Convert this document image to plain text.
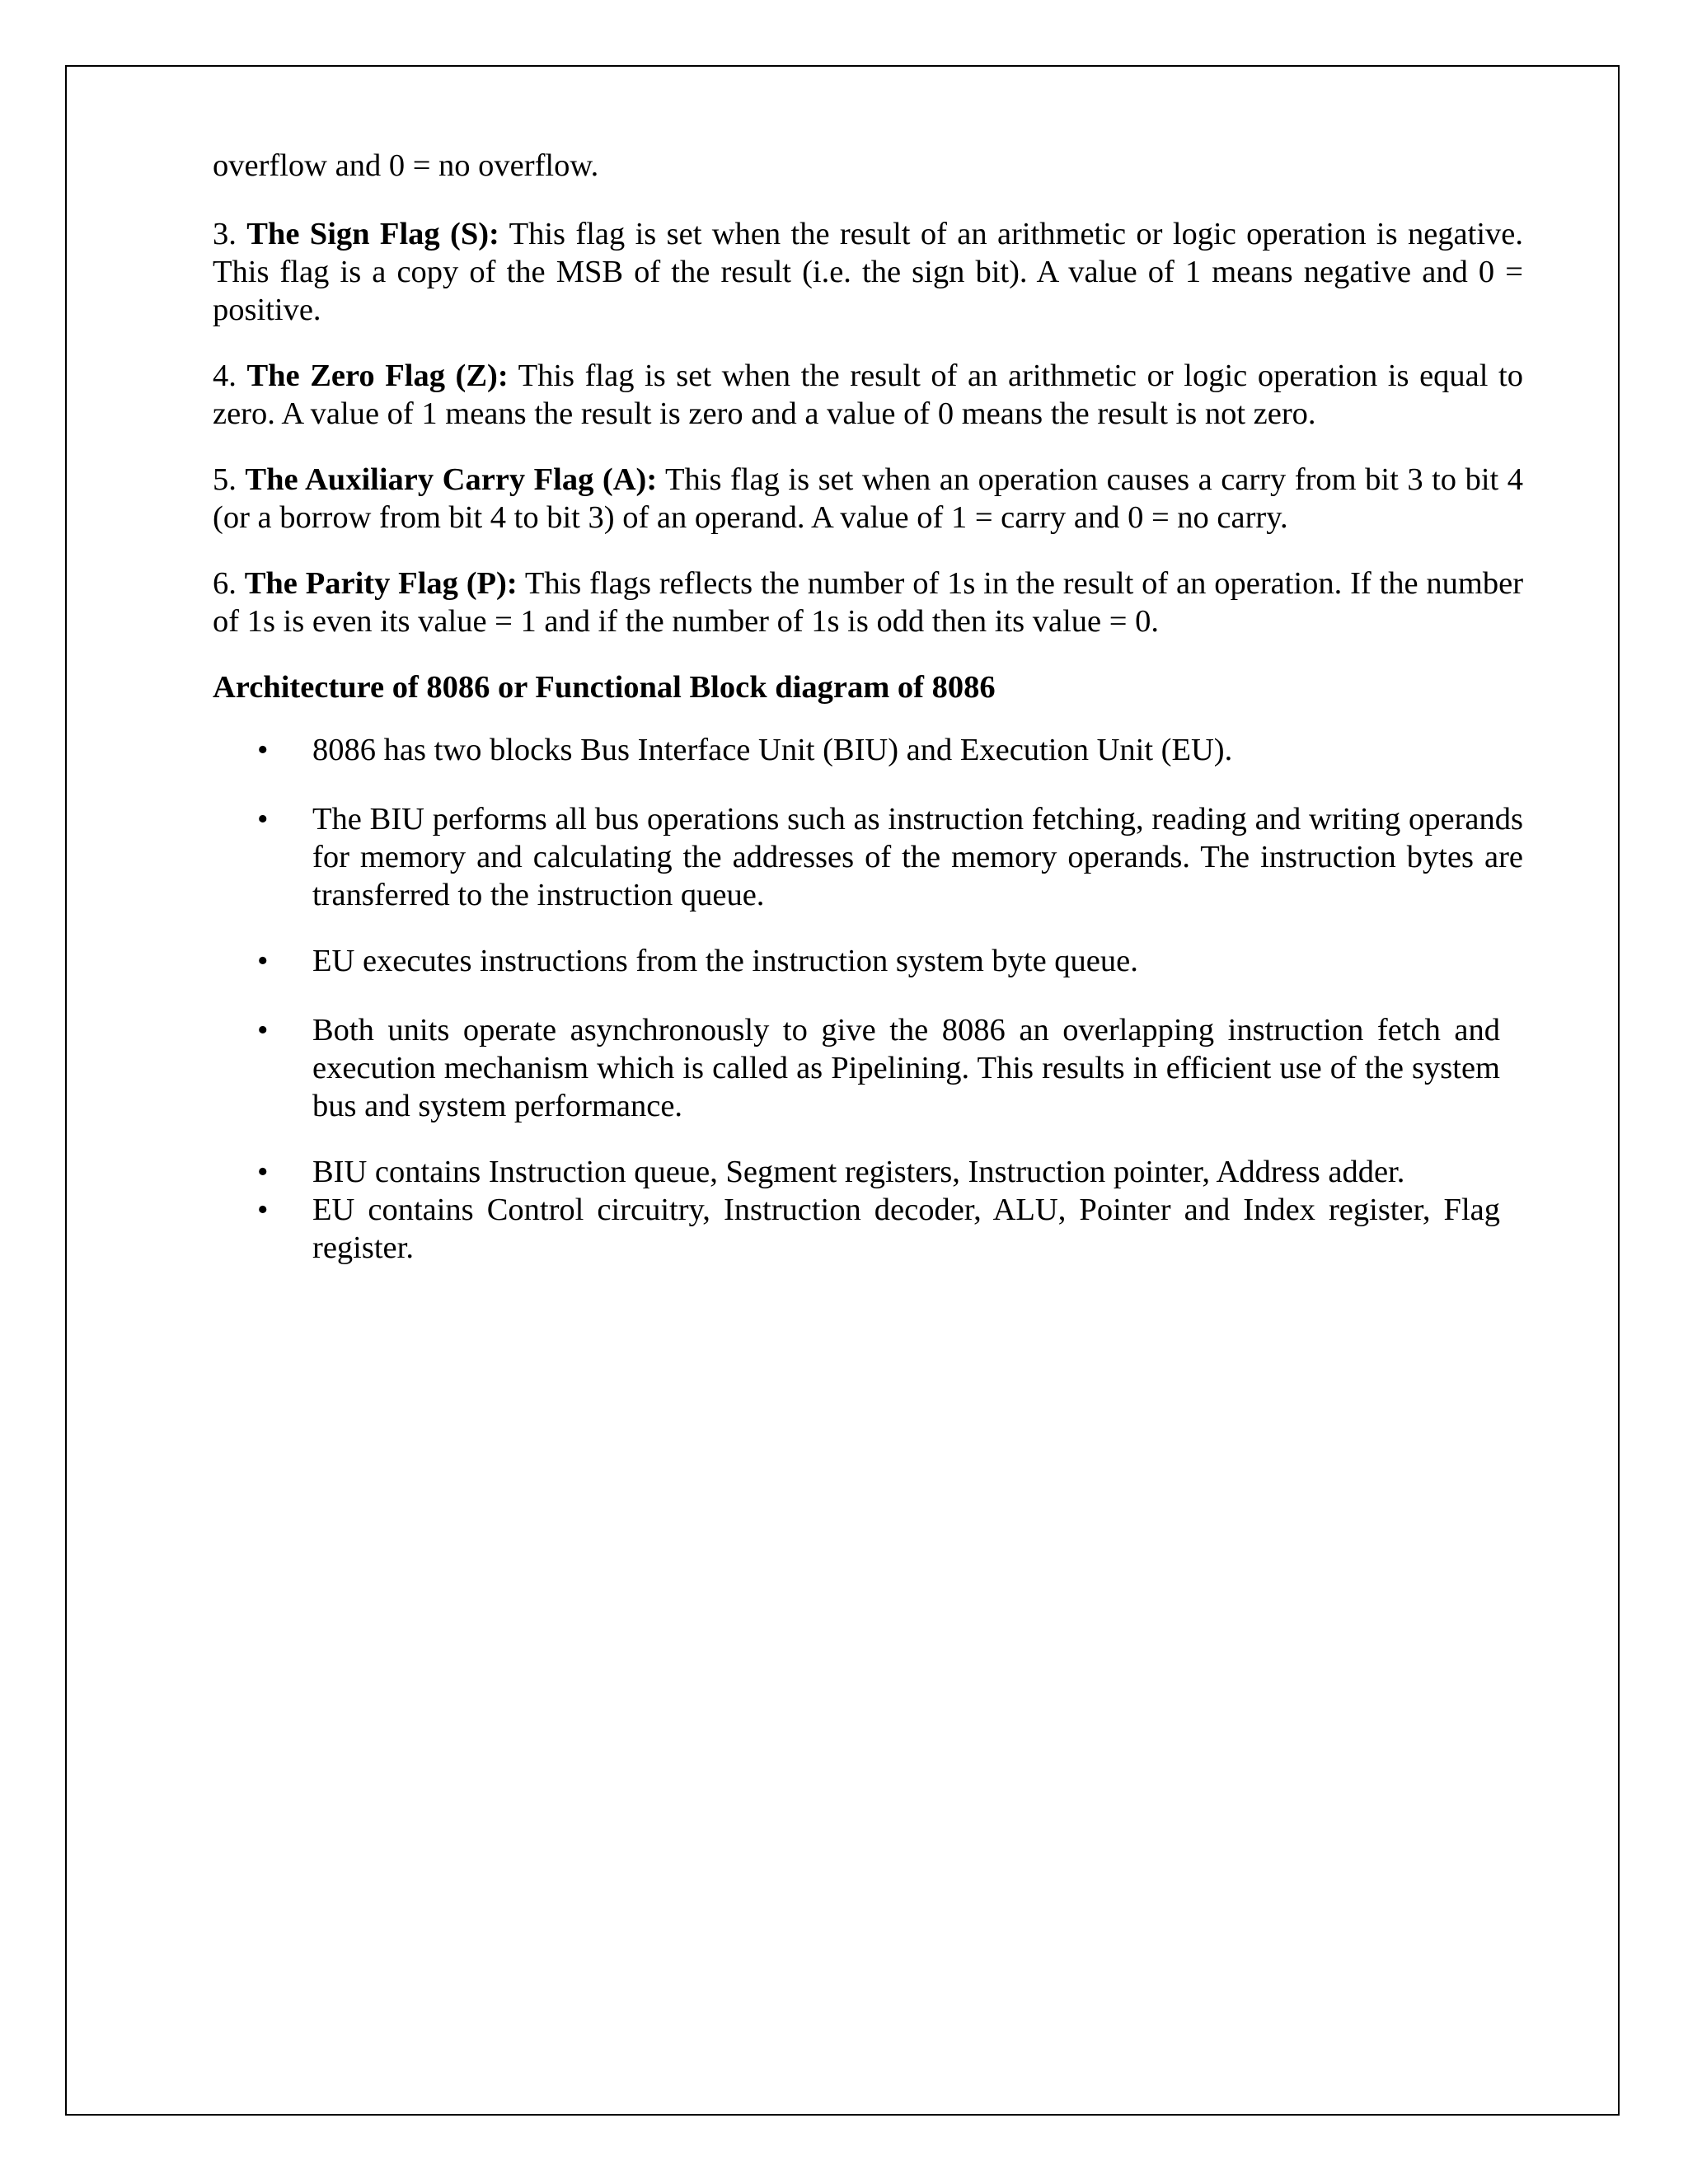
overflow and 0 = no overflow.

3. The Sign Flag (S): This flag is set when the result of an arithmetic or logic operation is negative. This flag is a copy of the MSB of the result (i.e. the sign bit). A value of 1 means negative and 0 = positive.

4. The Zero Flag (Z): This flag is set when the result of an arithmetic or logic operation is equal to zero. A value of 1 means the result is zero and a value of 0 means the result is not zero.

5. The Auxiliary Carry Flag (A): This flag is set when an operation causes a carry from bit 3 to bit 4 (or a borrow from bit 4 to bit 3) of an operand. A value of 1 = carry and 0 = no carry.

6. The Parity Flag (P): This flags reflects the number of 1s in the result of an operation. If the number of 1s is even its value = 1 and if the number of 1s is odd then its value = 0.

Architecture of 8086 or Functional Block diagram of 8086

• 8086 has two blocks Bus Interface Unit (BIU) and Execution Unit (EU).
• The BIU performs all bus operations such as instruction fetching, reading and writing operands for memory and calculating the addresses of the memory operands. The instruction bytes are transferred to the instruction queue.
• EU executes instructions from the instruction system byte queue.
• Both units operate asynchronously to give the 8086 an overlapping instruction fetch and execution mechanism which is called as Pipelining. This results in efficient use of the system bus and system performance.
• BIU contains Instruction queue, Segment registers, Instruction pointer, Address adder.
• EU contains Control circuitry, Instruction decoder, ALU, Pointer and Index register, Flag register.
